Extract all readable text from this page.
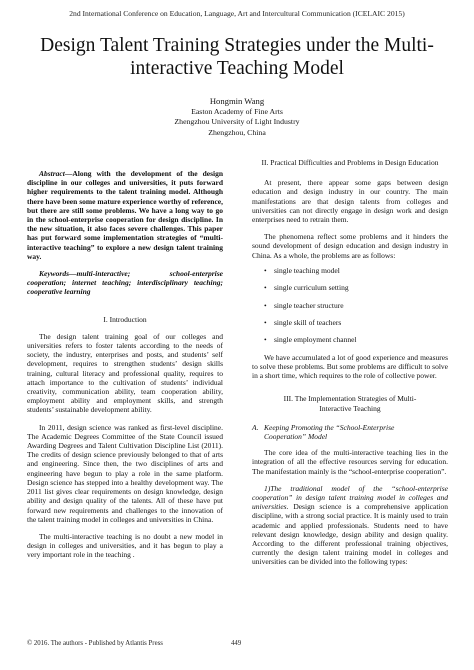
2nd International Conference on Education, Language, Art and Intercultural Communication (ICELAIC 2015)
Design Talent Training Strategies under the Multi-
interactive Teaching Model
Hongmin Wang
Easton Academy of Fine Arts
Zhengzhou University of Light Industry
Zhengzhou, China

Abstract—Along with the development of the design discipline in our colleges and universities, it puts forward higher requirements to the talent training model. Although there have been some mature experience worthy of reference, but there are still some problems. We have a long way to go in the school-enterprise cooperation for design discipline. In the new situation, it also faces severe challenges. This paper has put forward some implementation strategies of “multi-interactive teaching” to explore a new design talent training way.

Keywords—multi-interactive; school-enterprise cooperation; internet teaching; interdisciplinary teaching; cooperative learning

I. Introduction

The design talent training goal of our colleges and universities refers to foster talents according to the needs of society, the industry, enterprises and posts, and students’ self development, requires to strengthen students’ design skills training, cultural literacy and professional quality, requires to attach importance to the cultivation of students’ individual creativity, communication ability, team cooperation ability, employment ability and employment skills, and strength students’ sustainable development ability.

In 2011, design science was ranked as first-level discipline. The Academic Degrees Committee of the State Council issued Awarding Degrees and Talent Cultivation Discipline List (2011). The credits of design science previously belonged to that of arts and engineering. Since then, the two disciplines of arts and engineering have begun to play a role in the same platform. Design science has stepped into a healthy development way. The 2011 list gives clear requirements on design knowledge, design ability and design quality of the talents. All of these have put forward new requirements and challenges to the innovation of the talent training model in colleges and universities in China.

The multi-interactive teaching is no doubt a new model in design in colleges and universities, and it has begun to play a very important role in the teaching .

II. Practical Difficulties and Problems in Design Education

At present, there appear some gaps between design education and design industry in our country. The main manifestations are that design talents from colleges and universities can not directly engage in design work and design enterprises need to retrain them.

The phenomena reflect some problems and it hinders the sound development of design education and design industry in China. As a whole, the problems are as follows:

• single teaching model
• single curriculum setting
• single teacher structure
• single skill of teachers
• single employment channel

We have accumulated a lot of good experience and measures to solve these problems. But some problems are difficult to solve in a short time, which requires to the role of collective power.

III. The Implementation Strategies of Multi-
Interactive Teaching
A. Keeping Promoting the “School-Enterprise
Cooperation” Model

The core idea of the multi-interactive teaching lies in the integration of all the effective resources serving for education. The manifestation mainly is the “school-enterprise cooperation”.

1)The traditional model of the “school-enterprise cooperation” in design talent training model in colleges and universities. Design science is a comprehensive application discipline, with a strong social practice. It is mainly used to train academic and applied professionals. Students need to have relevant design knowledge, design ability and design quality. According to the different professional training objectives, currently the design talent training model in colleges and universities can be divided into the following types:

© 2016. The authors - Published by Atlantis Press	449
